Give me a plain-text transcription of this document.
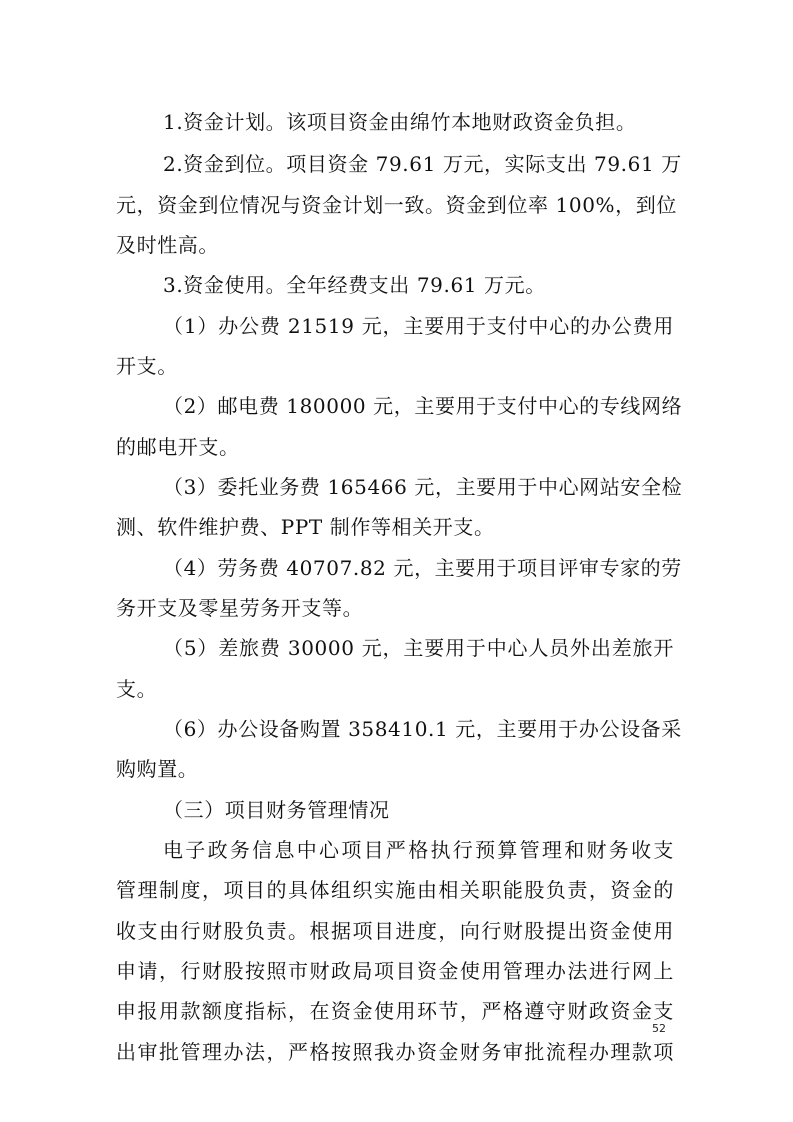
1.资金计划。该项目资金由绵竹本地财政资金负担。
2.资金到位。项目资金 79.61 万元，实际支出 79.61 万
元，资金到位情况与资金计划一致。资金到位率 100%，到位
及时性高。
3.资金使用。全年经费支出 79.61 万元。
（1）办公费 21519 元，主要用于支付中心的办公费用
开支。
（2）邮电费 180000 元，主要用于支付中心的专线网络
的邮电开支。
（3）委托业务费 165466 元，主要用于中心网站安全检
测、软件维护费、PPT 制作等相关开支。
（4）劳务费 40707.82 元，主要用于项目评审专家的劳
务开支及零星劳务开支等。
（5）差旅费 30000 元，主要用于中心人员外出差旅开
支。
（6）办公设备购置 358410.1 元，主要用于办公设备采
购购置。
（三）项目财务管理情况
电子政务信息中心项目严格执行预算管理和财务收支
管理制度，项目的具体组织实施由相关职能股负责，资金的
收支由行财股负责。根据项目进度，向行财股提出资金使用
申请，行财股按照市财政局项目资金使用管理办法进行网上
申报用款额度指标，在资金使用环节，严格遵守财政资金支
出审批管理办法，严格按照我办资金财务审批流程办理款项
52
